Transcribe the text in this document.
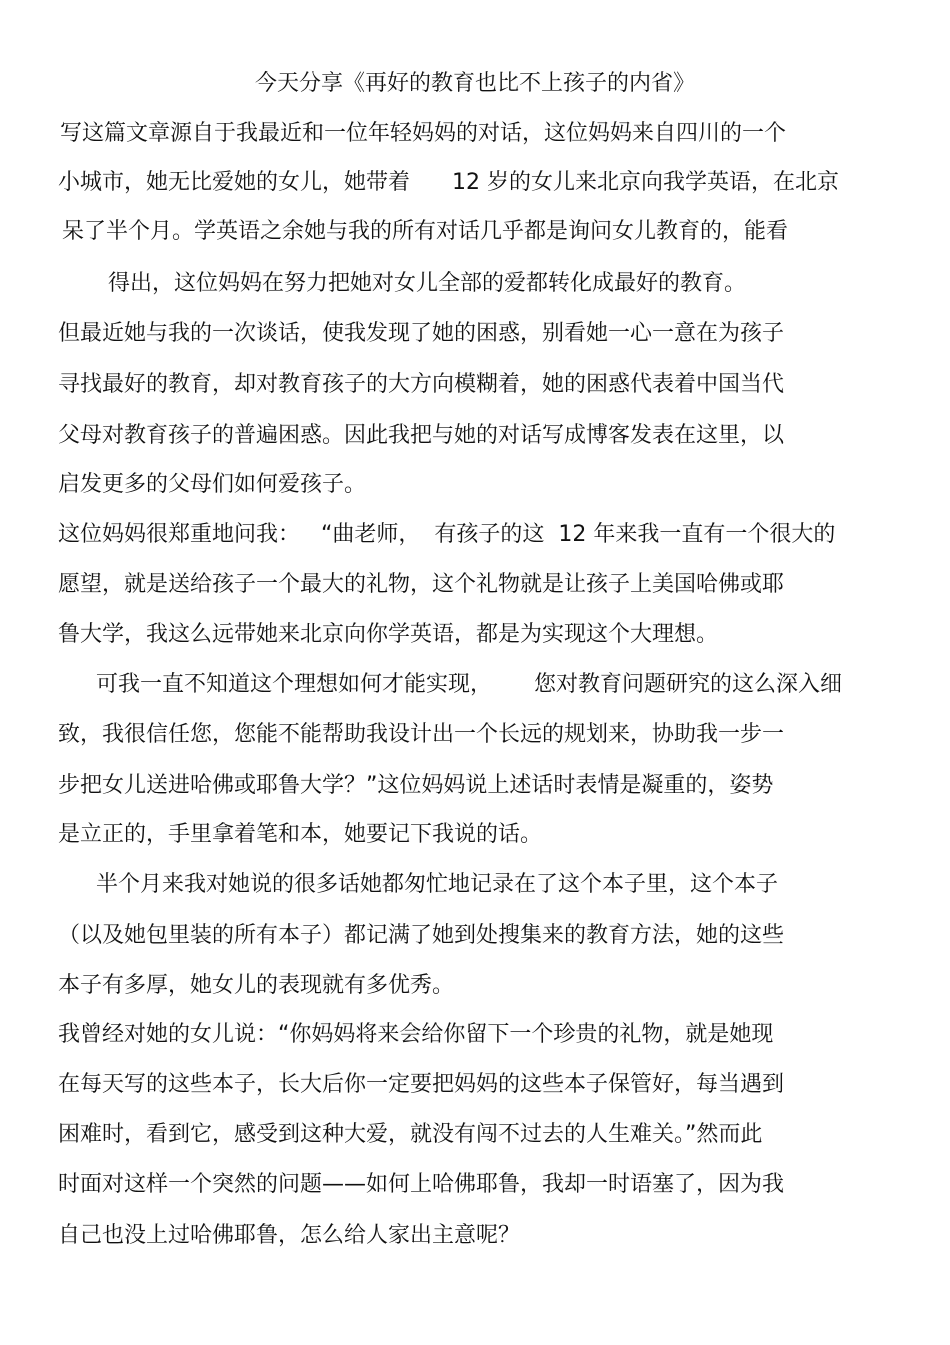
今天分享《再好的教育也比不上孩子的内省》
写这篇文章源自于我最近和一位年轻妈妈的对话，这位妈妈来自四川的一个
小城市，她无比爱她的女儿，她带着      12 岁的女儿来北京向我学英语，在北京
呆了半个月。学英语之余她与我的所有对话几乎都是询问女儿教育的，能看
得出，这位妈妈在努力把她对女儿全部的爱都转化成最好的教育。
但最近她与我的一次谈话，使我发现了她的困惑，别看她一心一意在为孩子
寻找最好的教育，却对教育孩子的大方向模糊着，她的困惑代表着中国当代
父母对教育孩子的普遍困惑。因此我把与她的对话写成博客发表在这里，以
启发更多的父母们如何爱孩子。
这位妈妈很郑重地问我：   “曲老师，  有孩子的这  12 年来我一直有一个很大的
愿望，就是送给孩子一个最大的礼物，这个礼物就是让孩子上美国哈佛或耶
鲁大学，我这么远带她来北京向你学英语，都是为实现这个大理想。
可我一直不知道这个理想如何才能实现，      您对教育问题研究的这么深入细
致，我很信任您，您能不能帮助我设计出一个长远的规划来，协助我一步一
步把女儿送进哈佛或耶鲁大学？”这位妈妈说上述话时表情是凝重的，姿势
是立正的，手里拿着笔和本，她要记下我说的话。
半个月来我对她说的很多话她都匆忙地记录在了这个本子里，这个本子
（以及她包里装的所有本子）都记满了她到处搜集来的教育方法，她的这些
本子有多厚，她女儿的表现就有多优秀。
我曾经对她的女儿说：“你妈妈将来会给你留下一个珍贵的礼物，就是她现
在每天写的这些本子，长大后你一定要把妈妈的这些本子保管好，每当遇到
困难时，看到它，感受到这种大爱，就没有闯不过去的人生难关。”然而此
时面对这样一个突然的问题——如何上哈佛耶鲁，我却一时语塞了，因为我
自己也没上过哈佛耶鲁，怎么给人家出主意呢？
